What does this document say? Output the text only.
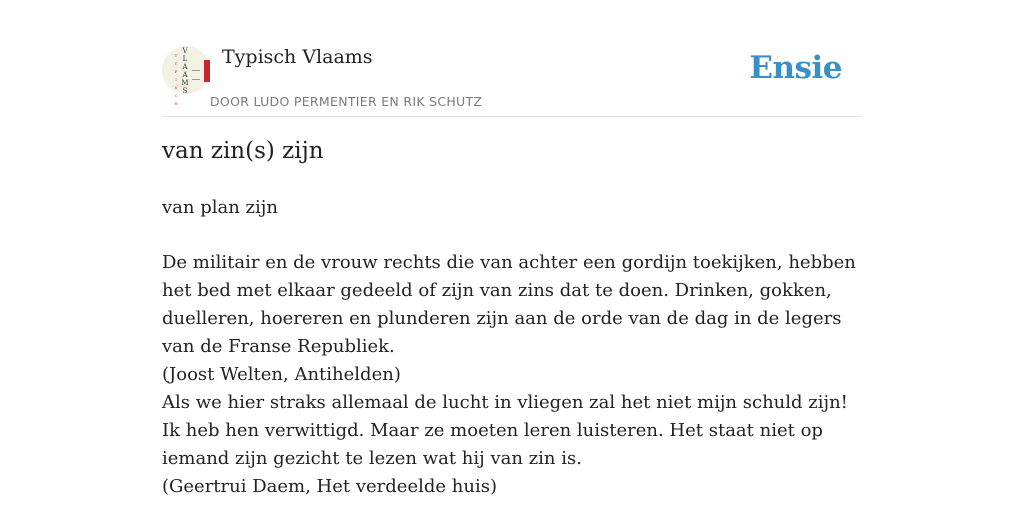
T
Y
P
I
S
C
H
V
L
A
A
M
S
Typisch Vlaams
DOOR LUDO PERMENTIER EN RIK SCHUTZ
Ensie
van zin(s) zijn

van plan zijn

De militair en de vrouw rechts die van achter een gordijn toekijken, hebben het bed met elkaar gedeeld of zijn van zins dat te doen. Drinken, gokken, duelleren, hoereren en plunderen zijn aan de orde van de dag in de legers van de Franse Republiek.

(Joost Welten, Antihelden)

Als we hier straks allemaal de lucht in vliegen zal het niet mijn schuld zijn! Ik heb hen verwittigd. Maar ze moeten leren luisteren. Het staat niet op iemand zijn gezicht te lezen wat hij van zin is.

(Geertrui Daem, Het verdeelde huis)
